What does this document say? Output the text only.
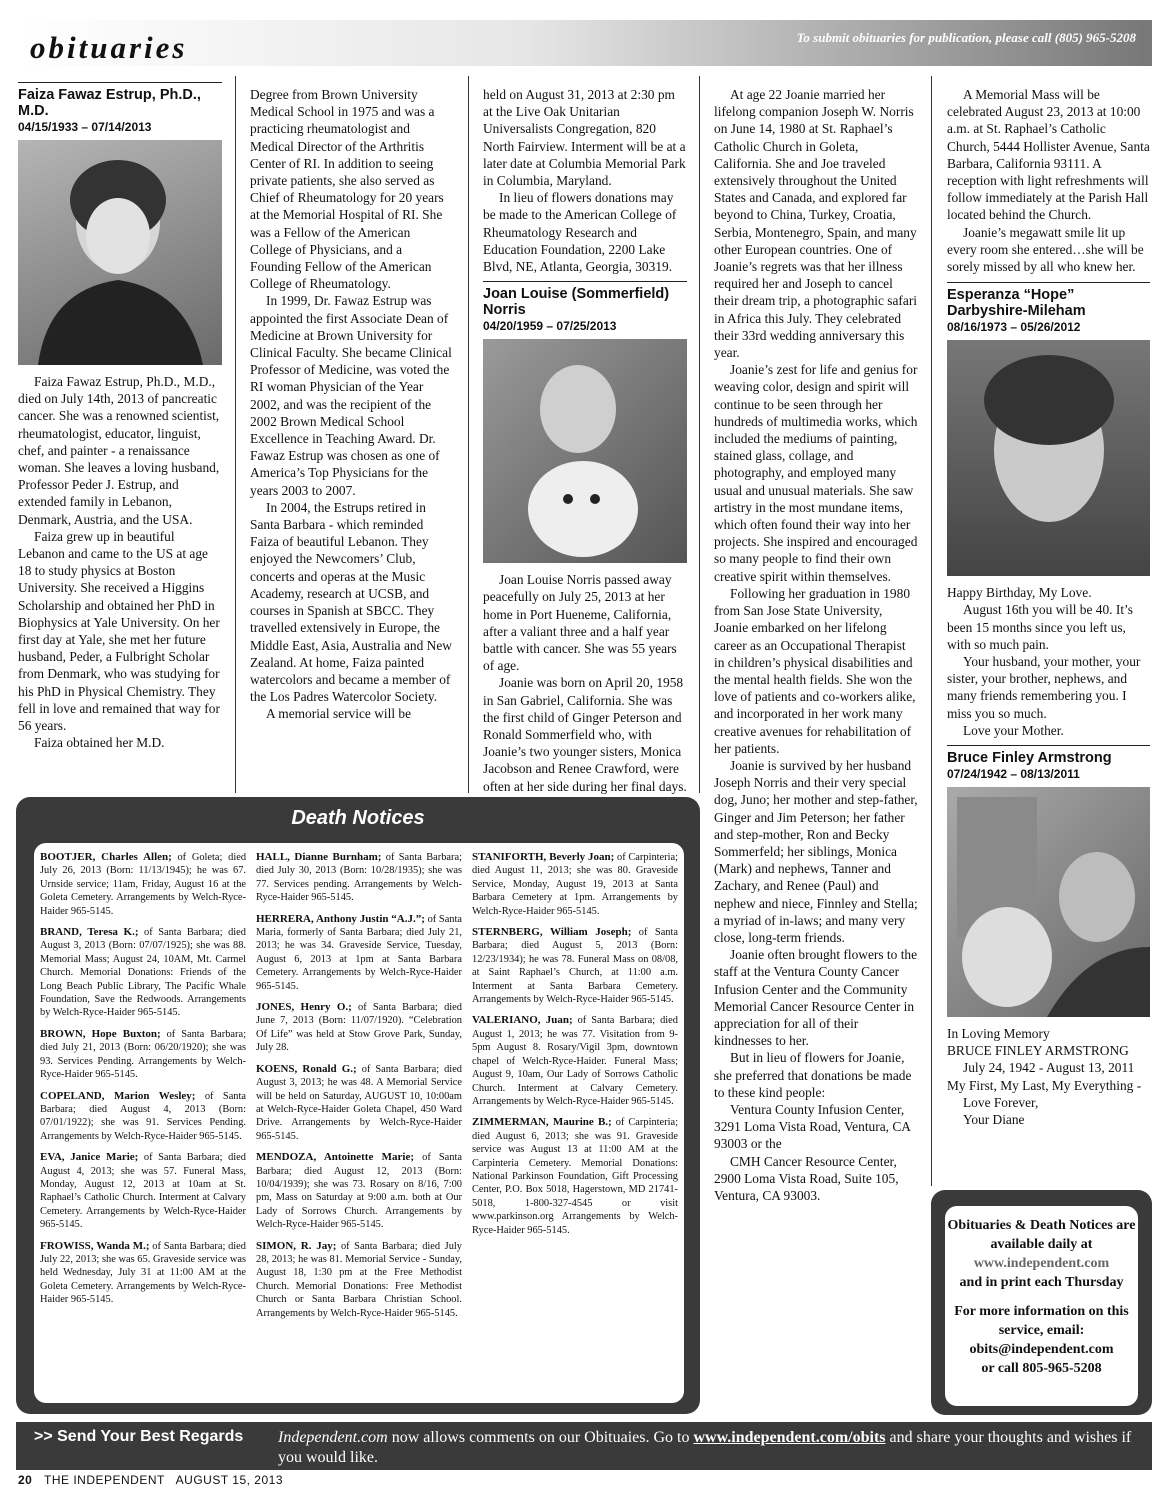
obituaries	To submit obituaries for publication, please call (805) 965-5208
Faiza Fawaz Estrup, Ph.D., M.D.
04/15/1933 – 07/14/2013

Faiza Fawaz Estrup, Ph.D., M.D., died on July 14th, 2013 of pancreatic cancer. She was a renowned scientist, rheumatologist, educator, linguist, chef, and painter - a renaissance woman. She leaves a loving husband, Professor Peder J. Estrup, and extended family in Lebanon, Denmark, Austria, and the USA.

Faiza grew up in beautiful Lebanon and came to the US at age 18 to study physics at Boston University. She received a Higgins Scholarship and obtained her PhD in Biophysics at Yale University. On her first day at Yale, she met her future husband, Peder, a Fulbright Scholar from Denmark, who was studying for his PhD in Physical Chemistry. They fell in love and remained that way for 56 years.

Faiza obtained her M.D.

Degree from Brown University Medical School in 1975 and was a practicing rheumatologist and Medical Director of the Arthritis Center of RI. In addition to seeing private patients, she also served as Chief of Rheumatology for 20 years at the Memorial Hospital of RI. She was a Fellow of the American College of Physicians, and a Founding Fellow of the American College of Rheumatology.

In 1999, Dr. Fawaz Estrup was appointed the first Associate Dean of Medicine at Brown University for Clinical Faculty. She became Clinical Professor of Medicine, was voted the RI woman Physician of the Year 2002, and was the recipient of the 2002 Brown Medical School Excellence in Teaching Award. Dr. Fawaz Estrup was chosen as one of America’s Top Physicians for the years 2003 to 2007.

In 2004, the Estrups retired in Santa Barbara - which reminded Faiza of beautiful Lebanon. They enjoyed the Newcomers’ Club, concerts and operas at the Music Academy, research at UCSB, and courses in Spanish at SBCC. They travelled extensively in Europe, the Middle East, Asia, Australia and New Zealand. At home, Faiza painted watercolors and became a member of the Los Padres Watercolor Society.

A memorial service will be

held on August 31, 2013 at 2:30 pm at the Live Oak Unitarian Universalists Congregation, 820 North Fairview. Interment will be at a later date at Columbia Memorial Park in Columbia, Maryland.

In lieu of flowers donations may be made to the American College of Rheumatology Research and Education Foundation, 2200 Lake Blvd, NE, Atlanta, Georgia, 30319.

Joan Louise (Sommerfield) Norris
04/20/1959 – 07/25/2013

Joan Louise Norris passed away peacefully on July 25, 2013 at her home in Port Hueneme, California, after a valiant three and a half year battle with cancer. She was 55 years of age.

Joanie was born on April 20, 1958 in San Gabriel, California. She was the first child of Ginger Peterson and Ronald Sommerfield who, with Joanie’s two younger sisters, Monica Jacobson and Renee Crawford, were often at her side during her final days.

At age 22 Joanie married her lifelong companion Joseph W. Norris on June 14, 1980 at St. Raphael’s Catholic Church in Goleta, California. She and Joe traveled extensively throughout the United States and Canada, and explored far beyond to China, Turkey, Croatia, Serbia, Montenegro, Spain, and many other European countries. One of Joanie’s regrets was that her illness required her and Joseph to cancel their dream trip, a photographic safari in Africa this July. They celebrated their 33rd wedding anniversary this year.

Joanie’s zest for life and genius for weaving color, design and spirit will continue to be seen through her hundreds of multimedia works, which included the mediums of painting, stained glass, collage, and photography, and employed many usual and unusual materials. She saw artistry in the most mundane items, which often found their way into her projects. She inspired and encouraged so many people to find their own creative spirit within themselves.

Following her graduation in 1980 from San Jose State University, Joanie embarked on her lifelong career as an Occupational Therapist in children’s physical disabilities and the mental health fields. She won the love of patients and co-workers alike, and incorporated in her work many creative avenues for rehabilitation of her patients.

Joanie is survived by her husband Joseph Norris and their very special dog, Juno; her mother and step-father, Ginger and Jim Peterson; her father and step-mother, Ron and Becky Sommerfeld; her siblings, Monica (Mark) and nephews, Tanner and Zachary, and Renee (Paul) and nephew and niece, Finnley and Stella; a myriad of in-laws; and many very close, long-term friends.

Joanie often brought flowers to the staff at the Ventura County Cancer Infusion Center and the Community Memorial Cancer Resource Center in appreciation for all of their kindnesses to her.

But in lieu of flowers for Joanie, she preferred that donations be made to these kind people:

Ventura County Infusion Center, 3291 Loma Vista Road, Ventura, CA 93003 or the

CMH Cancer Resource Center, 2900 Loma Vista Road, Suite 105, Ventura, CA 93003.

A Memorial Mass will be celebrated August 23, 2013 at 10:00 a.m. at St. Raphael’s Catholic Church, 5444 Hollister Avenue, Santa Barbara, California 93111. A reception with light refreshments will follow immediately at the Parish Hall located behind the Church.

Joanie’s megawatt smile lit up every room she entered…she will be sorely missed by all who knew her.

Esperanza “Hope” Darbyshire-Mileham
08/16/1973 – 05/26/2012

Happy Birthday, My Love.

August 16th you will be 40. It’s been 15 months since you left us, with so much pain.

Your husband, your mother, your sister, your brother, nephews, and many friends remembering you. I miss you so much.

Love your Mother.

Bruce Finley Armstrong
07/24/1942 – 08/13/2011
In Loving Memory
BRUCE FINLEY ARMSTRONG

July 24, 1942 - August 13, 2011

My First, My Last, My Everything -

Love Forever,

Your Diane

Death Notices

BOOTJER, Charles Allen; of Goleta; died July 26, 2013 (Born: 11/13/1945); he was 67. Urnside service; 11am, Friday, August 16 at the Goleta Cemetery. Arrangements by Welch-Ryce-Haider 965-5145.

BRAND, Teresa K.; of Santa Barbara; died August 3, 2013 (Born: 07/07/1925); she was 88. Memorial Mass; August 24, 10AM, Mt. Carmel Church. Memorial Donations: Friends of the Long Beach Public Library, The Pacific Whale Foundation, Save the Redwoods. Arrangements by Welch-Ryce-Haider 965-5145.

BROWN, Hope Buxton; of Santa Barbara; died July 21, 2013 (Born: 06/20/1920); she was 93. Services Pending. Arrangements by Welch-Ryce-Haider 965-5145.

COPELAND, Marion Wesley; of Santa Barbara; died August 4, 2013 (Born: 07/01/1922); she was 91. Services Pending. Arrangements by Welch-Ryce-Haider 965-5145.

EVA, Janice Marie; of Santa Barbara; died August 4, 2013; she was 57. Funeral Mass, Monday, August 12, 2013 at 10am at St. Raphael’s Catholic Church. Interment at Calvary Cemetery. Arrangements by Welch-Ryce-Haider 965-5145.

FROWISS, Wanda M.; of Santa Barbara; died July 22, 2013; she was 65. Graveside service was held Wednesday, July 31 at 11:00 AM at the Goleta Cemetery. Arrangements by Welch-Ryce-Haider 965-5145.

HALL, Dianne Burnham; of Santa Barbara; died July 30, 2013 (Born: 10/28/1935); she was 77. Services pending. Arrangements by Welch-Ryce-Haider 965-5145.

HERRERA, Anthony Justin “A.J.”; of Santa Maria, formerly of Santa Barbara; died July 21, 2013; he was 34. Graveside Service, Tuesday, August 6, 2013 at 1pm at Santa Barbara Cemetery. Arrangements by Welch-Ryce-Haider 965-5145.

JONES, Henry O.; of Santa Barbara; died June 7, 2013 (Born: 11/07/1920). “Celebration Of Life” was held at Stow Grove Park, Sunday, July 28.

KOENS, Ronald G.; of Santa Barbara; died August 3, 2013; he was 48. A Memorial Service will be held on Saturday, AUGUST 10, 10:00am at Welch-Ryce-Haider Goleta Chapel, 450 Ward Drive. Arrangements by Welch-Ryce-Haider 965-5145.

MENDOZA, Antoinette Marie; of Santa Barbara; died August 12, 2013 (Born: 10/04/1939); she was 73. Rosary on 8/16, 7:00 pm, Mass on Saturday at 9:00 a.m. both at Our Lady of Sorrows Church. Arrangements by Welch-Ryce-Haider 965-5145.

SIMON, R. Jay; of Santa Barbara; died July 28, 2013; he was 81. Memorial Service - Sunday, August 18, 1:30 pm at the Free Methodist Church. Memorial Donations: Free Methodist Church or Santa Barbara Christian School. Arrangements by Welch-Ryce-Haider 965-5145.

STANIFORTH, Beverly Joan; of Carpinteria; died August 11, 2013; she was 80. Graveside Service, Monday, August 19, 2013 at Santa Barbara Cemetery at 1pm. Arrangements by Welch-Ryce-Haider 965-5145.

STERNBERG, William Joseph; of Santa Barbara; died August 5, 2013 (Born: 12/23/1934); he was 78. Funeral Mass on 08/08, at Saint Raphael’s Church, at 11:00 a.m. Interment at Santa Barbara Cemetery. Arrangements by Welch-Ryce-Haider 965-5145.

VALERIANO, Juan; of Santa Barbara; died August 1, 2013; he was 77. Visitation from 9-5pm August 8. Rosary/Vigil 3pm, downtown chapel of Welch-Ryce-Haider. Funeral Mass; August 9, 10am, Our Lady of Sorrows Catholic Church. Interment at Calvary Cemetery. Arrangements by Welch-Ryce-Haider 965-5145.

ZIMMERMAN, Maurine B.; of Carpinteria; died August 6, 2013; she was 91. Graveside service was August 13 at 11:00 AM at the Carpinteria Cemetery. Memorial Donations: National Parkinson Foundation, Gift Processing Center, P.O. Box 5018, Hagerstown, MD 21741-5018, 1-800-327-4545 or visit www.parkinson.org Arrangements by Welch-Ryce-Haider 965-5145.	Obituaries & Death Notices are available daily at
www.independent.com
and in print each Thursday
For more information on this service, email:
obits@independent.com
or call 805-965-5208
>> Send Your Best Regards Independent.com now allows comments on our Obituaies. Go to www.independent.com/obits and share your thoughts and wishes if you would like.
20 THE INDEPENDENT AUGUST 15, 2013
